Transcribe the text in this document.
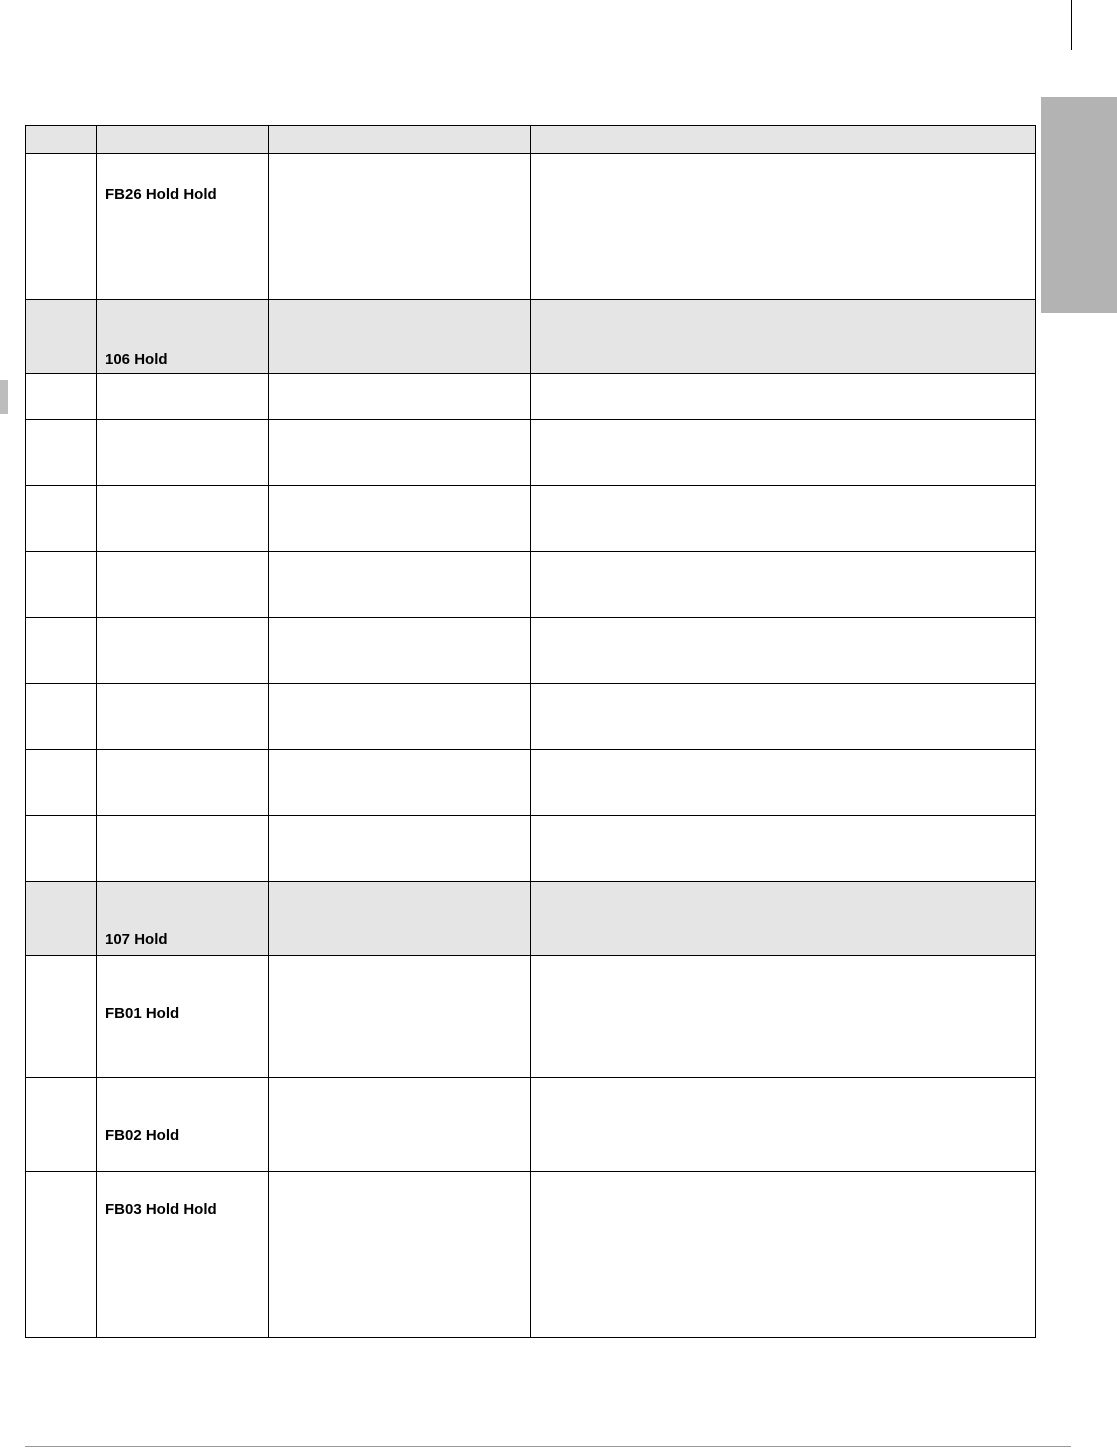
	FB26 Hold Hold		

	106 Hold		

	107 Hold		

	FB01 Hold		

	FB02 Hold		

	FB03 Hold Hold		
